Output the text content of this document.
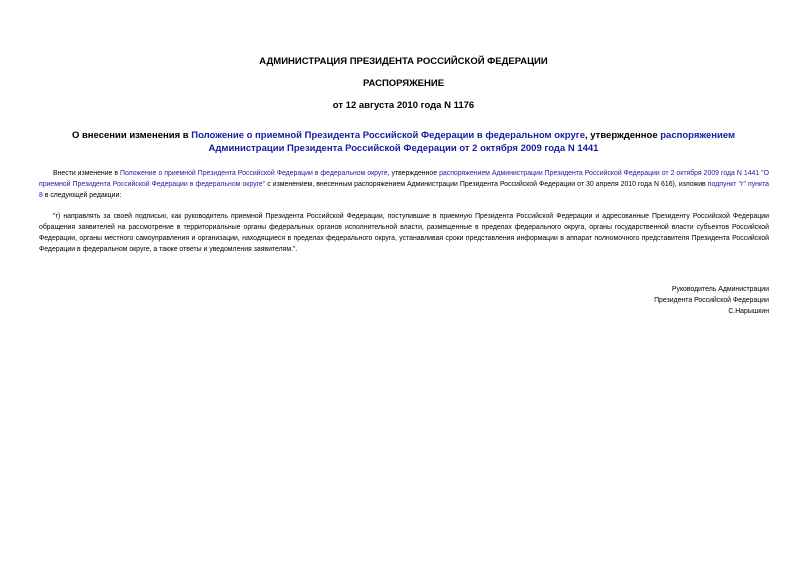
АДМИНИСТРАЦИЯ ПРЕЗИДЕНТА РОССИЙСКОЙ ФЕДЕРАЦИИ
РАСПОРЯЖЕНИЕ
от 12 августа 2010 года N 1176
О внесении изменения в Положение о приемной Президента Российской Федерации в федеральном округе, утвержденное распоряжением Администрации Президента Российской Федерации от 2 октября 2009 года N 1441
Внести изменение в Положение о приемной Президента Российской Федерации в федеральном округе, утвержденное распоряжением Администрации Президента Российской Федерации от 2 октября 2009 года N 1441 "О приемной Президента Российской Федерации в федеральном округе" с изменением, внесенным распоряжением Администрации Президента Российской Федерации от 30 апреля 2010 года N 616), изложив подпункт "г" пункта 8 в следующей редакции:
"г) направлять за своей подписью, как руководитель приемной Президента Российской Федерации, поступившие в приемную Президента Российской Федерации и адресованные Президенту Российской Федерации обращения заявителей на рассмотрение в территориальные органы федеральных органов исполнительной власти, размещенные в пределах федерального округа, органы государственной власти субъектов Российской Федерации, органы местного самоуправления и организации, находящиеся в пределах федерального округа, устанавливая сроки представления информации в аппарат полномочного представителя Президента Российской Федерации в федеральном округе, а также ответы и уведомления заявителям.".
Руководитель Администрации
Президента Российской Федерации
С.Нарышкин
